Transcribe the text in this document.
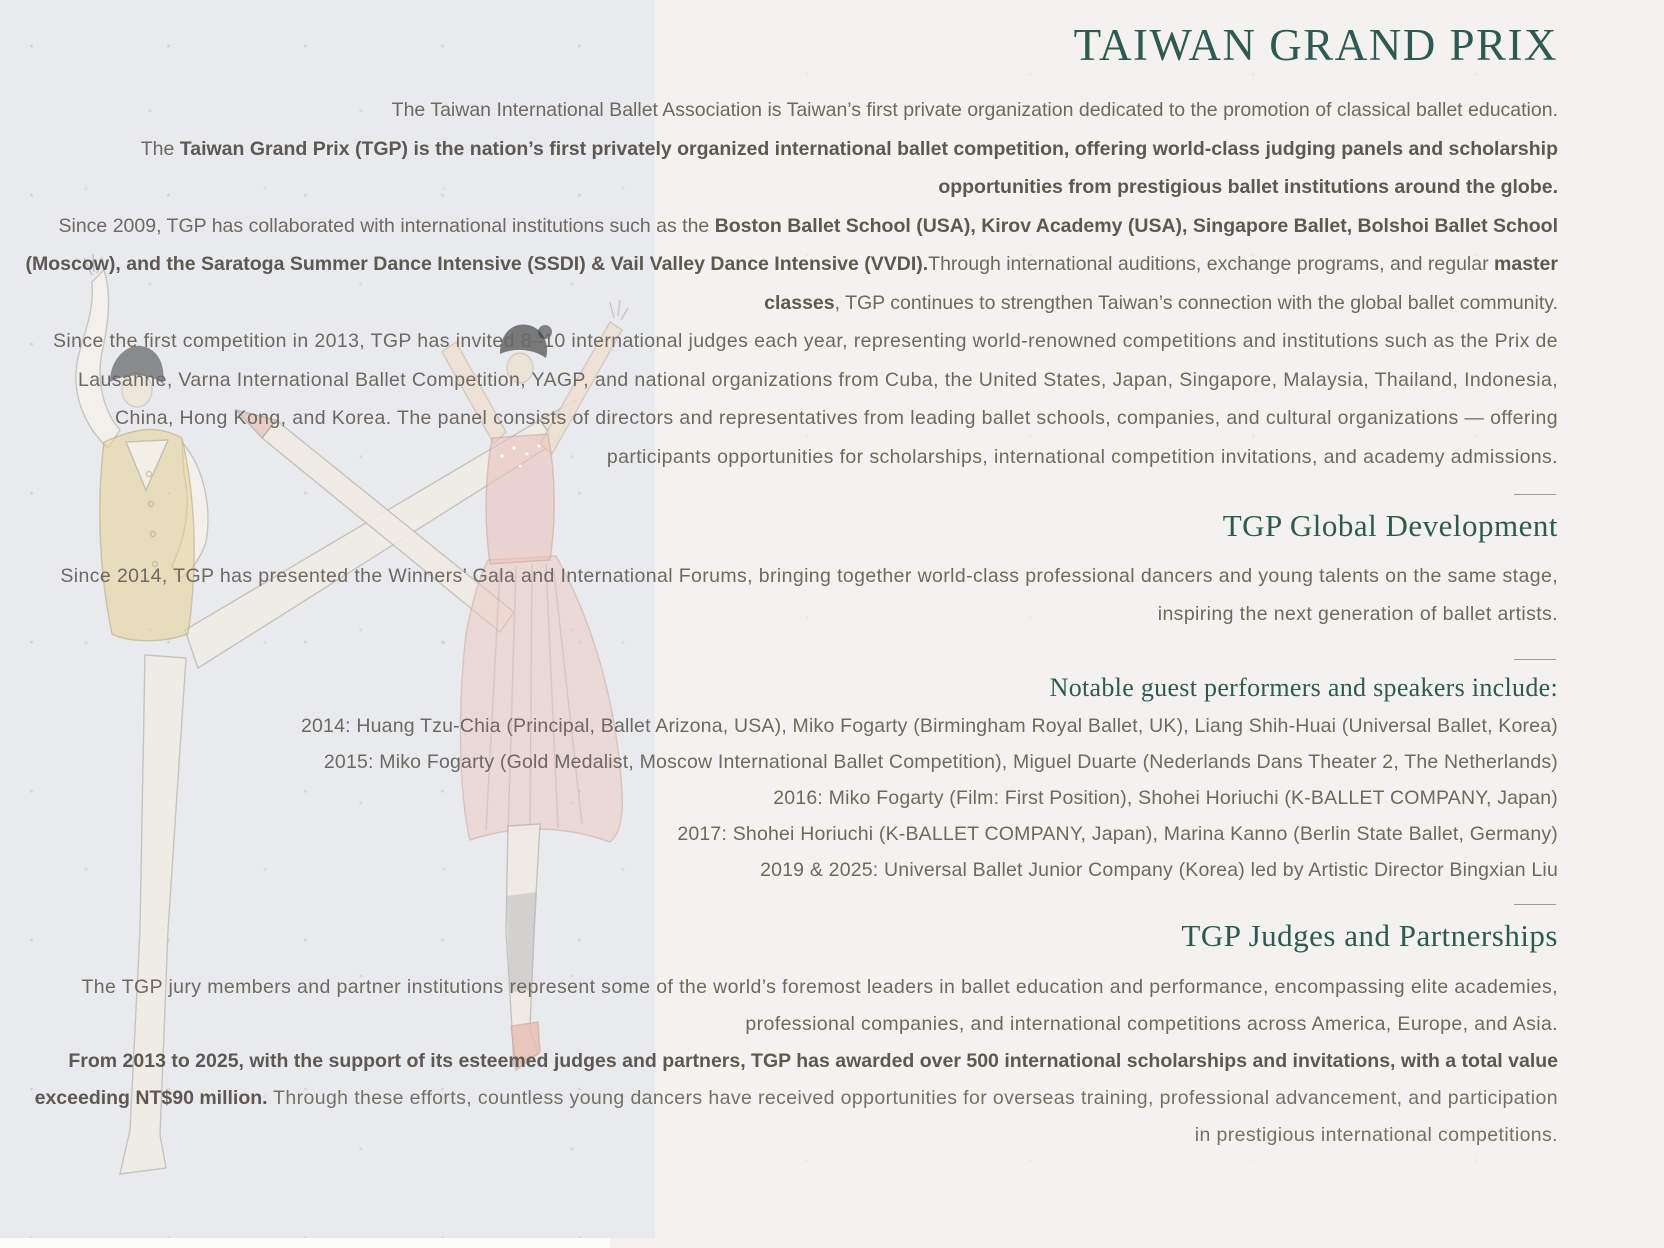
TAIWAN GRAND PRIX

The Taiwan International Ballet Association is Taiwan’s first private organization dedicated to the promotion of classical ballet education.

The Taiwan Grand Prix (TGP) is the nation’s first privately organized international ballet competition, offering world-class judging panels and scholarship opportunities from prestigious ballet institutions around the globe.

Since 2009, TGP has collaborated with international institutions such as the Boston Ballet School (USA), Kirov Academy (USA), Singapore Ballet, Bolshoi Ballet School (Moscow), and the Saratoga Summer Dance Intensive (SSDI) & Vail Valley Dance Intensive (VVDI).Through international auditions, exchange programs, and regular master classes, TGP continues to strengthen Taiwan’s connection with the global ballet community.

Since the first competition in 2013, TGP has invited 8–10 international judges each year, representing world-renowned competitions and institutions such as the Prix de Lausanne, Varna International Ballet Competition, YAGP, and national organizations from Cuba, the United States, Japan, Singapore, Malaysia, Thailand, Indonesia, China, Hong Kong, and Korea. The panel consists of directors and representatives from leading ballet schools, companies, and cultural organizations — offering participants opportunities for scholarships, international competition invitations, and academy admissions.

TGP Global Development

Since 2014, TGP has presented the Winners’ Gala and International Forums, bringing together world-class professional dancers and young talents on the same stage, inspiring the next generation of ballet artists.

Notable guest performers and speakers include:

2014: Huang Tzu-Chia (Principal, Ballet Arizona, USA), Miko Fogarty (Birmingham Royal Ballet, UK), Liang Shih-Huai (Universal Ballet, Korea)

2015: Miko Fogarty (Gold Medalist, Moscow International Ballet Competition), Miguel Duarte (Nederlands Dans Theater 2, The Netherlands)

2016: Miko Fogarty (Film: First Position), Shohei Horiuchi (K-BALLET COMPANY, Japan)

2017: Shohei Horiuchi (K-BALLET COMPANY, Japan), Marina Kanno (Berlin State Ballet, Germany)

2019 & 2025: Universal Ballet Junior Company (Korea) led by Artistic Director Bingxian Liu

TGP Judges and Partnerships

The TGP jury members and partner institutions represent some of the world’s foremost leaders in ballet education and performance, encompassing elite academies, professional companies, and international competitions across America, Europe, and Asia.

From 2013 to 2025, with the support of its esteemed judges and partners, TGP has awarded over 500 international scholarships and invitations, with a total value exceeding NT$90 million. Through these efforts, countless young dancers have received opportunities for overseas training, professional advancement, and participation in prestigious international competitions.
